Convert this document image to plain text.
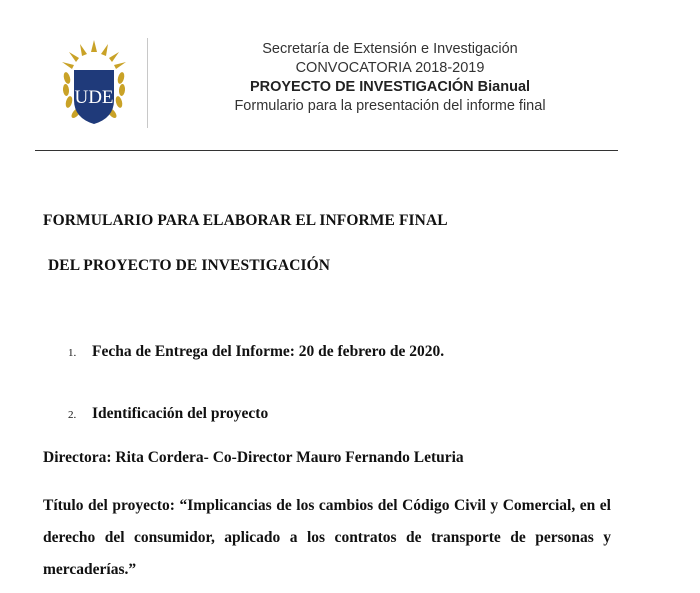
UDE
Secretaría de Extensión e Investigación
CONVOCATORIA 2018-2019
PROYECTO DE INVESTIGACIÓN Bianual
Formulario para la presentación del informe final
FORMULARIO PARA ELABORAR EL INFORME FINAL
DEL PROYECTO DE INVESTIGACIÓN
1. Fecha de Entrega del Informe: 20 de febrero de 2020.
2. Identificación del proyecto
Directora: Rita Cordera- Co-Director Mauro Fernando Leturia
Título del proyecto: “Implicancias de los cambios del Código Civil y Comercial, en el derecho del consumidor, aplicado a los contratos de transporte de personas y mercaderías.”
